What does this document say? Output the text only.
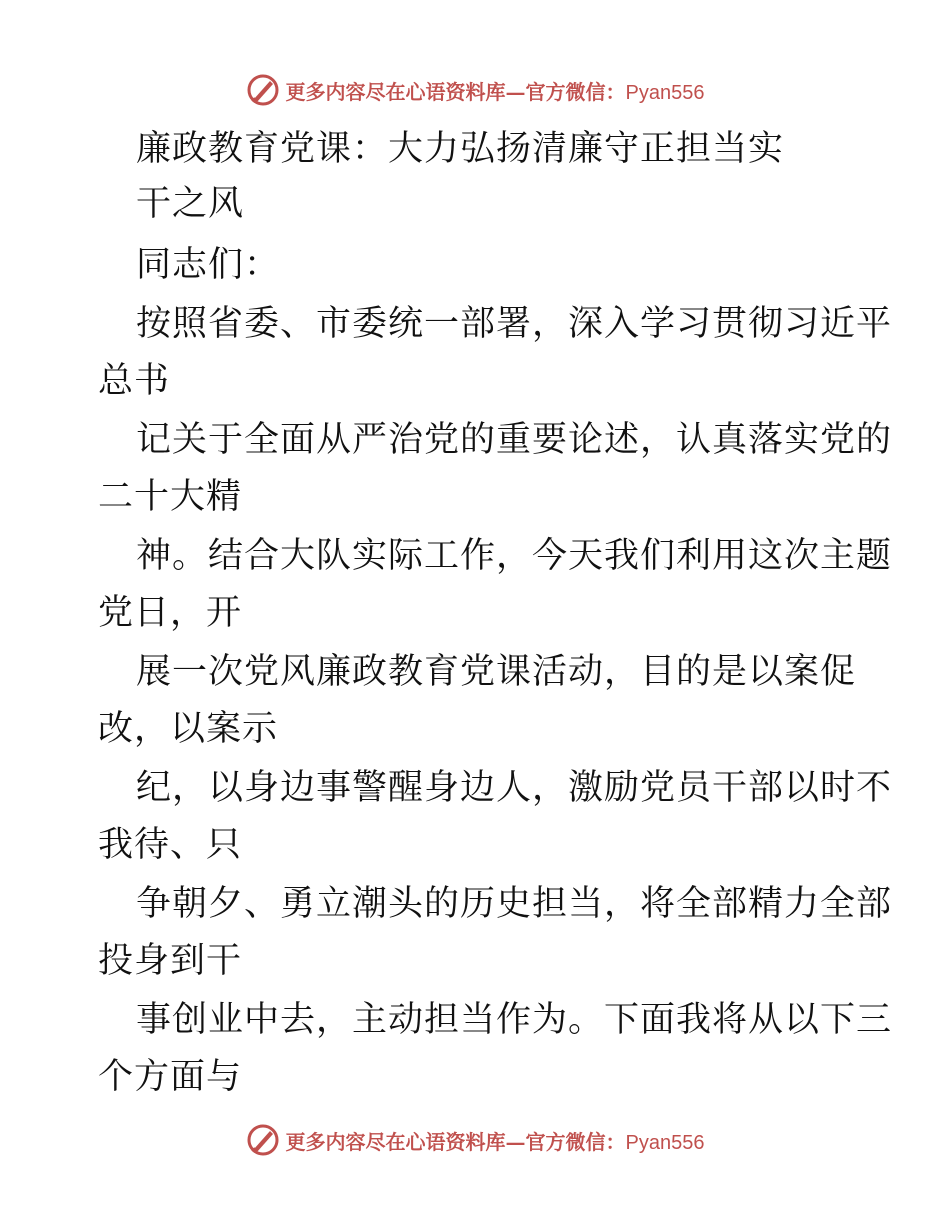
更多内容尽在心语资料库—官方微信：Pyan556
廉政教育党课：大力弘扬清廉守正担当实
干之风
同志们：
按照省委、市委统一部署，深入学习贯彻习近平
总书
记关于全面从严治党的重要论述，认真落实党的
二十大精
神。结合大队实际工作，今天我们利用这次主题
党日，开
展一次党风廉政教育党课活动，目的是以案促
改，以案示
纪，以身边事警醒身边人，激励党员干部以时不
我待、只
争朝夕、勇立潮头的历史担当，将全部精力全部
投身到干
事创业中去，主动担当作为。下面我将从以下三
个方面与
更多内容尽在心语资料库—官方微信：Pyan556
